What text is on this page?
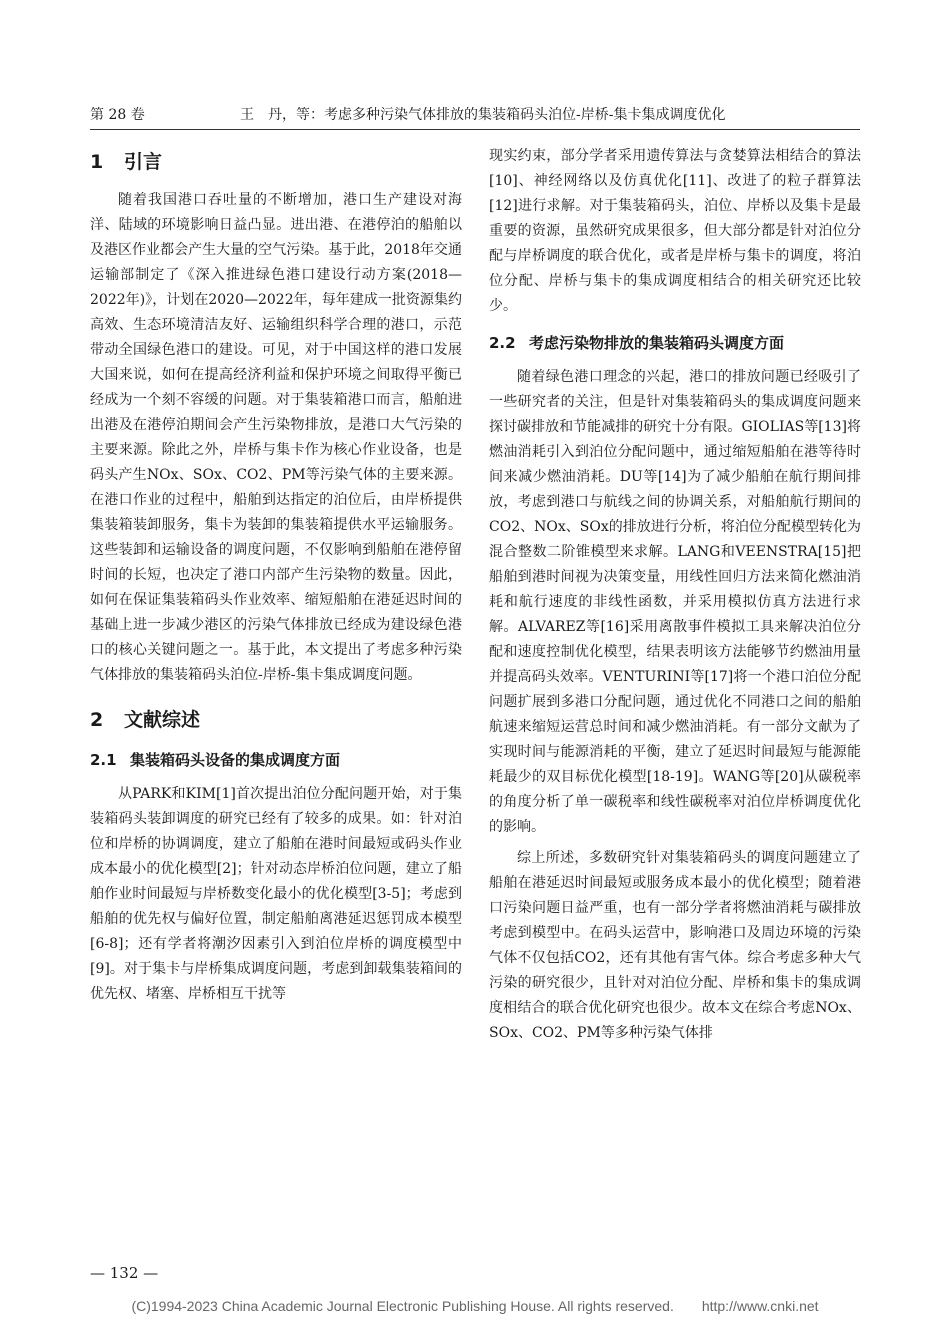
第 28 卷	王　丹，等：考虑多种污染气体排放的集装箱码头泊位-岸桥-集卡集成调度优化
1 引言

随着我国港口吞吐量的不断增加，港口生产建设对海洋、陆域的环境影响日益凸显。进出港、在港停泊的船舶以及港区作业都会产生大量的空气污染。基于此，2018年交通运输部制定了《深入推进绿色港口建设行动方案(2018—2022年)》，计划在2020—2022年，每年建成一批资源集约高效、生态环境清洁友好、运输组织科学合理的港口，示范带动全国绿色港口的建设。可见，对于中国这样的港口发展大国来说，如何在提高经济利益和保护环境之间取得平衡已经成为一个刻不容缓的问题。对于集装箱港口而言，船舶进出港及在港停泊期间会产生污染物排放，是港口大气污染的主要来源。除此之外，岸桥与集卡作为核心作业设备，也是码头产生NOx、SOx、CO2、PM等污染气体的主要来源。在港口作业的过程中，船舶到达指定的泊位后，由岸桥提供集装箱装卸服务，集卡为装卸的集装箱提供水平运输服务。这些装卸和运输设备的调度问题，不仅影响到船舶在港停留时间的长短，也决定了港口内部产生污染物的数量。因此，如何在保证集装箱码头作业效率、缩短船舶在港延迟时间的基础上进一步减少港区的污染气体排放已经成为建设绿色港口的核心关键问题之一。基于此，本文提出了考虑多种污染气体排放的集装箱码头泊位-岸桥-集卡集成调度问题。

2 文献综述
2.1 集装箱码头设备的集成调度方面

从PARK和KIM[1]首次提出泊位分配问题开始，对于集装箱码头装卸调度的研究已经有了较多的成果。如：针对泊位和岸桥的协调调度，建立了船舶在港时间最短或码头作业成本最小的优化模型[2]；针对动态岸桥泊位问题，建立了船舶作业时间最短与岸桥数变化最小的优化模型[3-5]；考虑到船舶的优先权与偏好位置，制定船舶离港延迟惩罚成本模型[6-8]；还有学者将潮汐因素引入到泊位岸桥的调度模型中[9]。对于集卡与岸桥集成调度问题，考虑到卸载集装箱间的优先权、堵塞、岸桥相互干扰等

现实约束，部分学者采用遗传算法与贪婪算法相结合的算法[10]、神经网络以及仿真优化[11]、改进了的粒子群算法[12]进行求解。对于集装箱码头，泊位、岸桥以及集卡是最重要的资源，虽然研究成果很多，但大部分都是针对泊位分配与岸桥调度的联合优化，或者是岸桥与集卡的调度，将泊位分配、岸桥与集卡的集成调度相结合的相关研究还比较少。

2.2 考虑污染物排放的集装箱码头调度方面

随着绿色港口理念的兴起，港口的排放问题已经吸引了一些研究者的关注，但是针对集装箱码头的集成调度问题来探讨碳排放和节能减排的研究十分有限。GIOLIAS等[13]将燃油消耗引入到泊位分配问题中，通过缩短船舶在港等待时间来减少燃油消耗。DU等[14]为了减少船舶在航行期间排放，考虑到港口与航线之间的协调关系，对船舶航行期间的CO2、NOx、SOx的排放进行分析，将泊位分配模型转化为混合整数二阶锥模型来求解。LANG和VEENSTRA[15]把船舶到港时间视为决策变量，用线性回归方法来简化燃油消耗和航行速度的非线性函数，并采用模拟仿真方法进行求解。ALVAREZ等[16]采用离散事件模拟工具来解决泊位分配和速度控制优化模型，结果表明该方法能够节约燃油用量并提高码头效率。VENTURINI等[17]将一个港口泊位分配问题扩展到多港口分配问题，通过优化不同港口之间的船舶航速来缩短运营总时间和减少燃油消耗。有一部分文献为了实现时间与能源消耗的平衡，建立了延迟时间最短与能源能耗最少的双目标优化模型[18-19]。WANG等[20]从碳税率的角度分析了单一碳税率和线性碳税率对泊位岸桥调度优化的影响。

综上所述，多数研究针对集装箱码头的调度问题建立了船舶在港延迟时间最短或服务成本最小的优化模型；随着港口污染问题日益严重，也有一部分学者将燃油消耗与碳排放考虑到模型中。在码头运营中，影响港口及周边环境的污染气体不仅包括CO2，还有其他有害气体。综合考虑多种大气污染的研究很少，且针对对泊位分配、岸桥和集卡的集成调度相结合的联合优化研究也很少。故本文在综合考虑NOx、SOx、CO2、PM等多种污染气体排

— 132 —
(C)1994-2023 China Academic Journal Electronic Publishing House. All rights reserved.　　http://www.cnki.net
